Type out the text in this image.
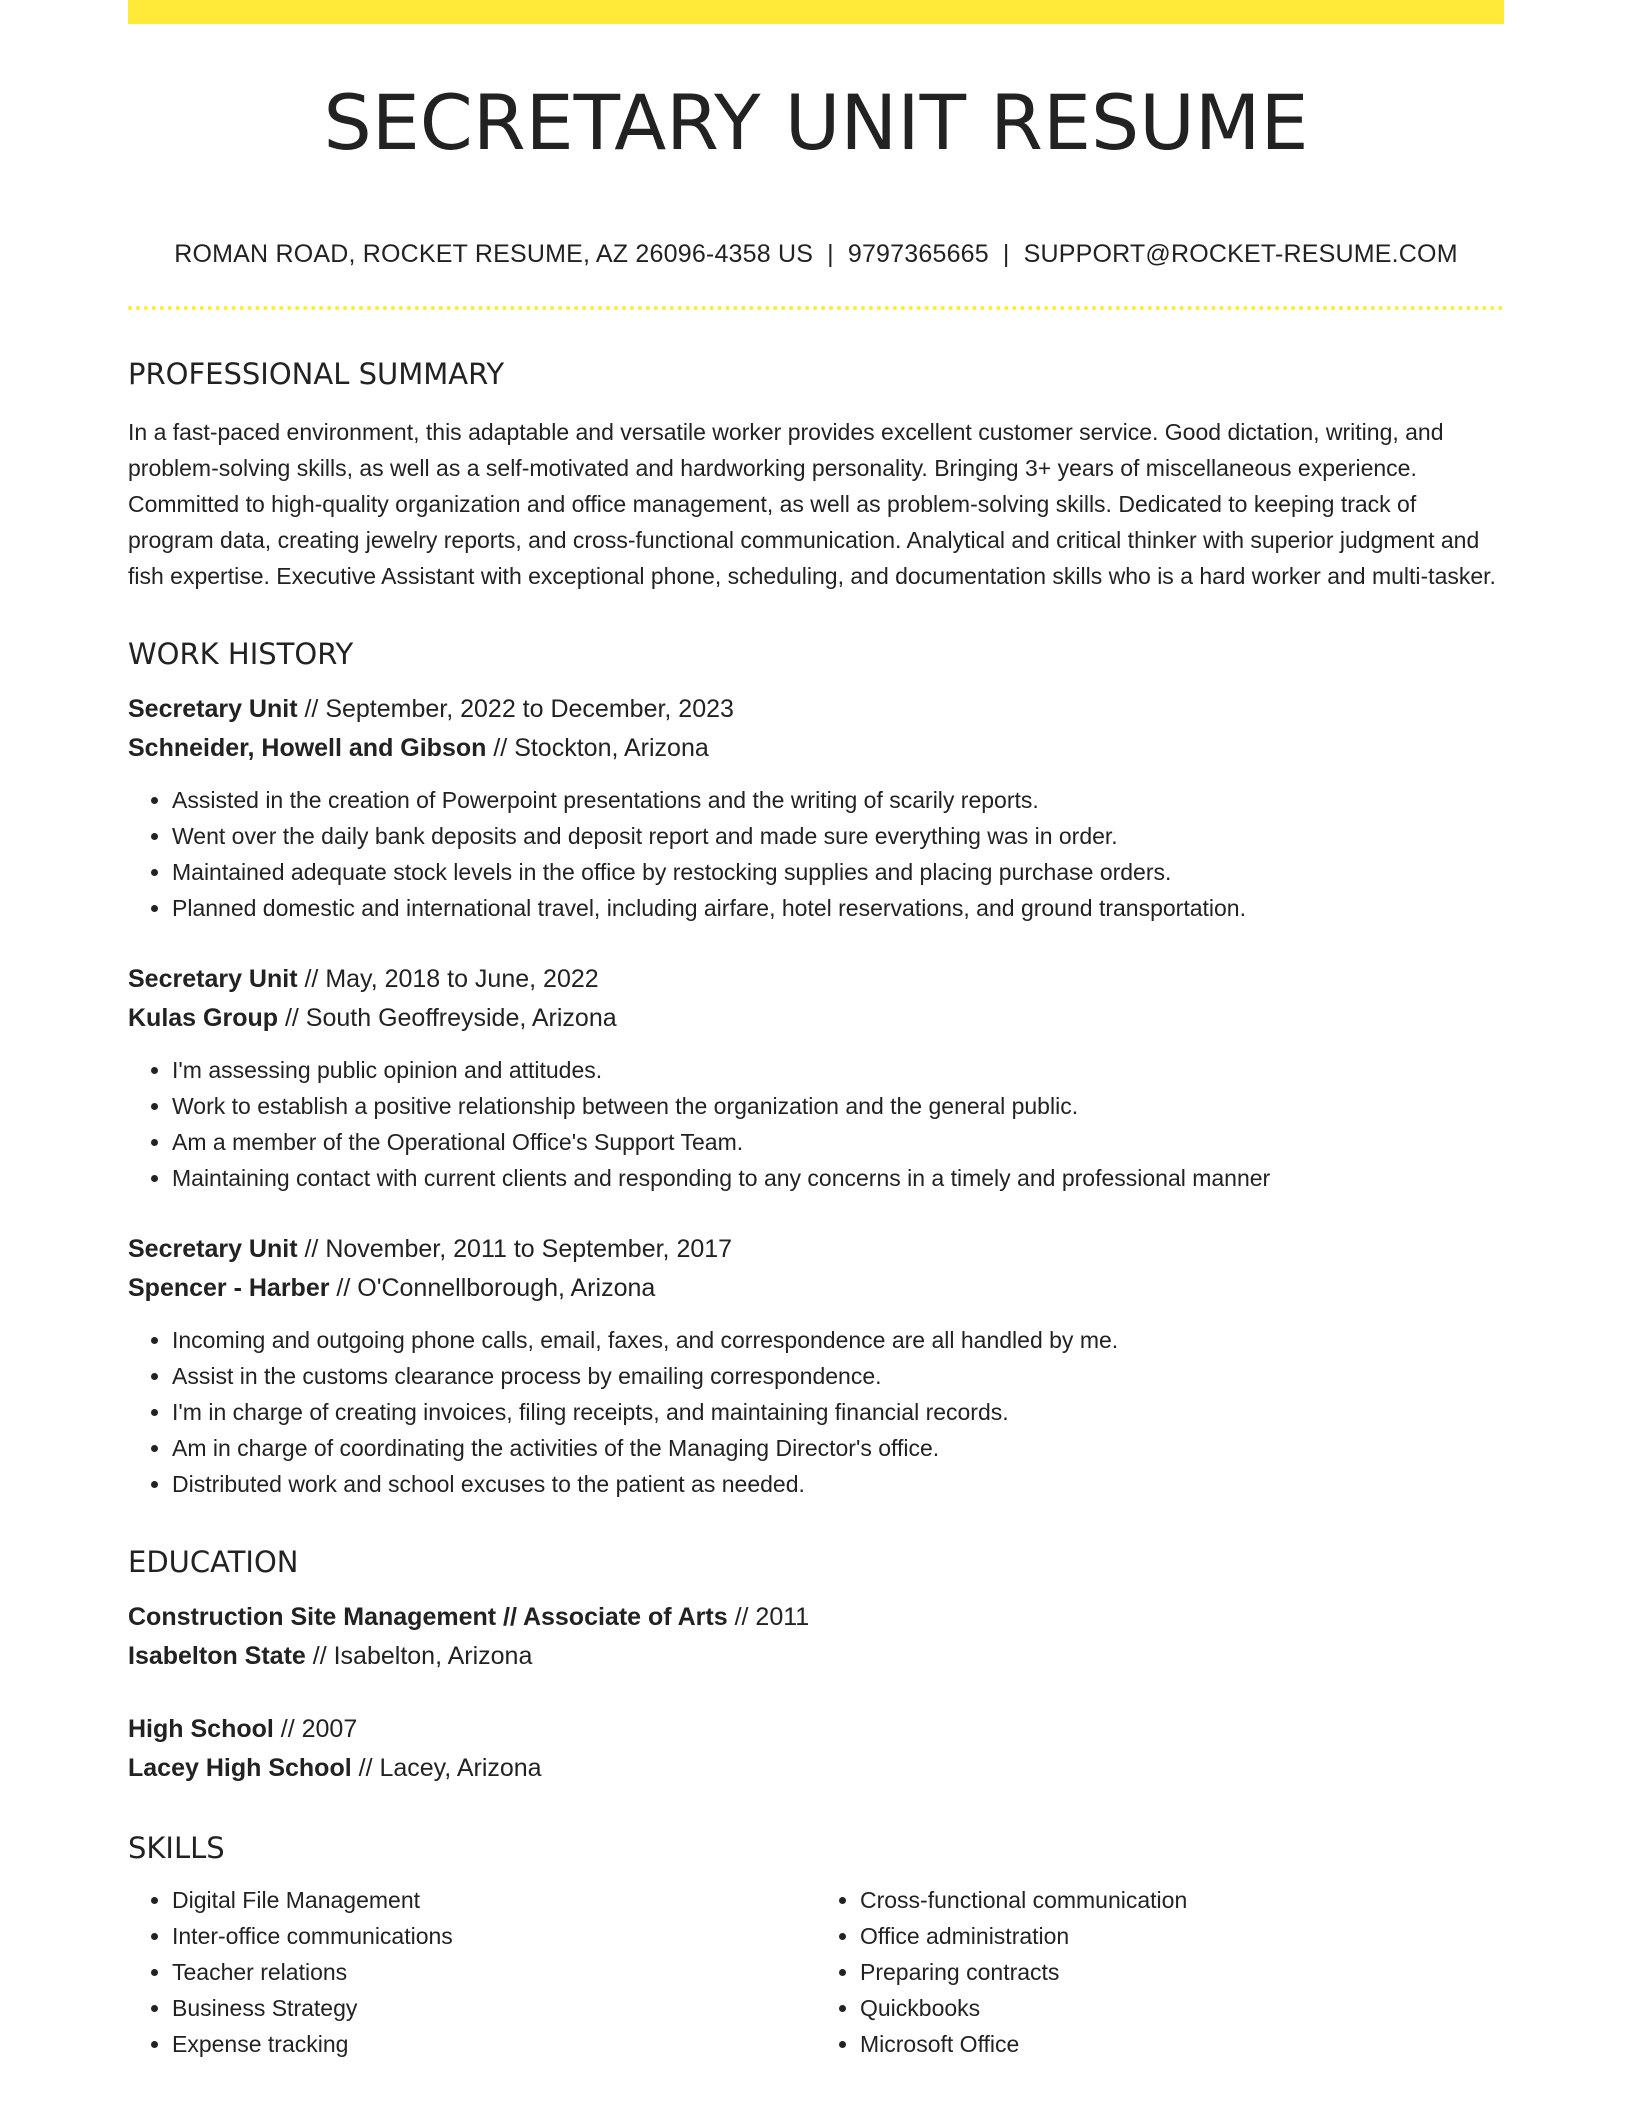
SECRETARY UNIT RESUME
ROMAN ROAD, ROCKET RESUME, AZ 26096-4358 US | 9797365665 | SUPPORT@ROCKET-RESUME.COM
PROFESSIONAL SUMMARY

In a fast-paced environment, this adaptable and versatile worker provides excellent customer service. Good dictation, writing, and problem-solving skills, as well as a self-motivated and hardworking personality. Bringing 3+ years of miscellaneous experience. Committed to high-quality organization and office management, as well as problem-solving skills. Dedicated to keeping track of program data, creating jewelry reports, and cross-functional communication. Analytical and critical thinker with superior judgment and fish expertise. Executive Assistant with exceptional phone, scheduling, and documentation skills who is a hard worker and multi-tasker.

WORK HISTORY
Secretary Unit // September, 2022 to December, 2023
Schneider, Howell and Gibson // Stockton, Arizona
• Assisted in the creation of Powerpoint presentations and the writing of scarily reports.
• Went over the daily bank deposits and deposit report and made sure everything was in order.
• Maintained adequate stock levels in the office by restocking supplies and placing purchase orders.
• Planned domestic and international travel, including airfare, hotel reservations, and ground transportation.
Secretary Unit // May, 2018 to June, 2022
Kulas Group // South Geoffreyside, Arizona
• I'm assessing public opinion and attitudes.
• Work to establish a positive relationship between the organization and the general public.
• Am a member of the Operational Office's Support Team.
• Maintaining contact with current clients and responding to any concerns in a timely and professional manner
Secretary Unit // November, 2011 to September, 2017
Spencer - Harber // O'Connellborough, Arizona
• Incoming and outgoing phone calls, email, faxes, and correspondence are all handled by me.
• Assist in the customs clearance process by emailing correspondence.
• I'm in charge of creating invoices, filing receipts, and maintaining financial records.
• Am in charge of coordinating the activities of the Managing Director's office.
• Distributed work and school excuses to the patient as needed.
EDUCATION
Construction Site Management // Associate of Arts // 2011
Isabelton State // Isabelton, Arizona
High School // 2007
Lacey High School // Lacey, Arizona
SKILLS
• Digital File Management
• Inter-office communications
• Teacher relations
• Business Strategy
• Expense tracking
• Cross-functional communication
• Office administration
• Preparing contracts
• Quickbooks
• Microsoft Office
